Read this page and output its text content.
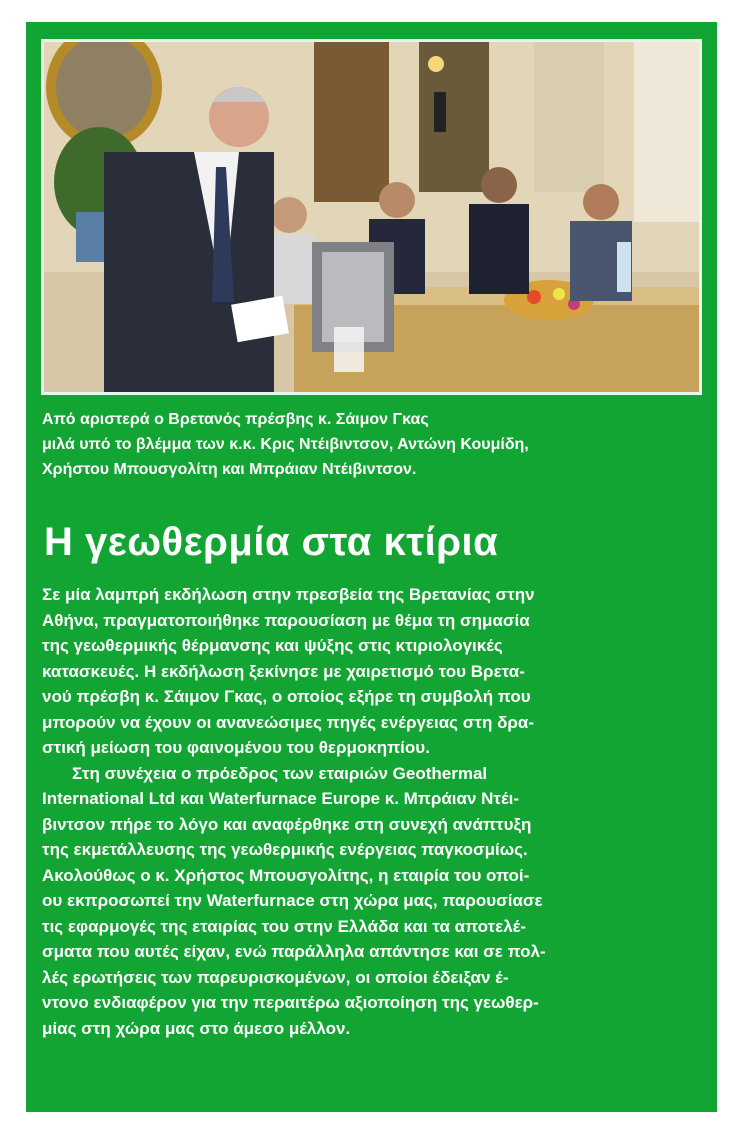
Από αριστερά ο Βρετανός πρέσβης κ. Σάιμον Γκας
μιλά υπό το βλέμμα των κ.κ. Κρις Ντέιβιντσον, Αντώνη Κουμίδη,
Χρήστου Μπουσγολίτη και Μπράιαν Ντέιβιντσον.

Η γεωθερμία στα κτίρια

Σε μία λαμπρή εκδήλωση στην πρεσβεία της Βρετανίας στην
Αθήνα, πραγματοποιήθηκε παρουσίαση με θέμα τη σημασία
της γεωθερμικής θέρμανσης και ψύξης στις κτιριολογικές
κατασκευές. Η εκδήλωση ξεκίνησε με χαιρετισμό του Βρετα-
νού πρέσβη κ. Σάιμον Γκας, ο οποίος εξήρε τη συμβολή που
μπορούν να έχουν οι ανανεώσιμες πηγές ενέργειας στη δρα-
στική μείωση του φαινομένου του θερμοκηπίου.
Στη συνέχεια ο πρόεδρος των εταιριών Geothermal
International Ltd και Waterfurnace Europe κ. Μπράιαν Ντέι-
βιντσον πήρε το λόγο και αναφέρθηκε στη συνεχή ανάπτυξη
της εκμετάλλευσης της γεωθερμικής ενέργειας παγκοσμίως.
Ακολούθως ο κ. Χρήστος Μπουσγολίτης, η εταιρία του οποί-
ου εκπροσωπεί την Waterfurnace στη χώρα μας, παρουσίασε
τις εφαρμογές της εταιρίας του στην Ελλάδα και τα αποτελέ-
σματα που αυτές είχαν, ενώ παράλληλα απάντησε και σε πολ-
λές ερωτήσεις των παρευρισκομένων, οι οποίοι έδειξαν έ-
ντονο ενδιαφέρον για την περαιτέρω αξιοποίηση της γεωθερ-
μίας στη χώρα μας στο άμεσο μέλλον.
